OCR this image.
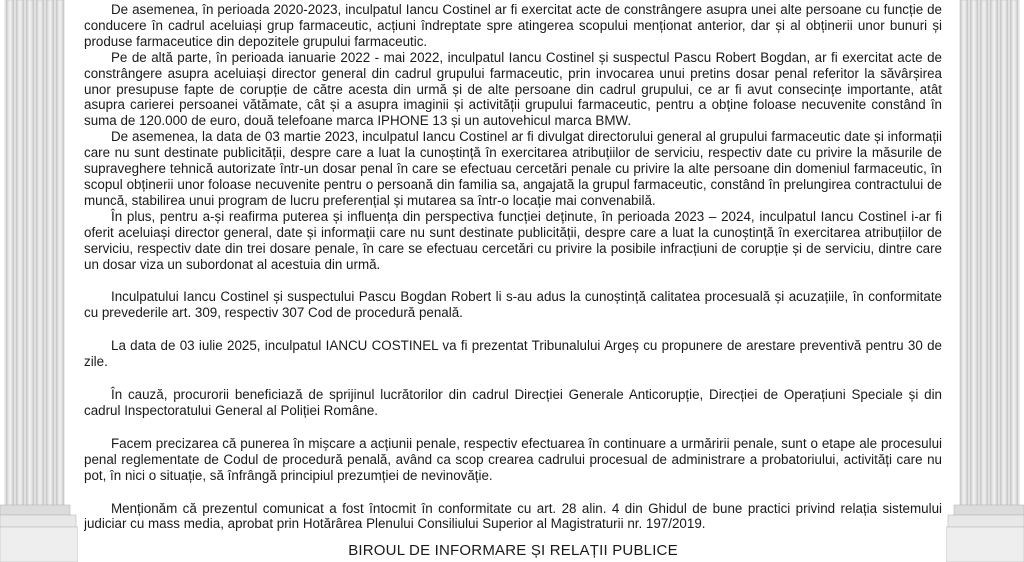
De asemenea, în perioada 2020-2023, inculpatul Iancu Costinel ar fi exercitat acte de constrângere asupra unei alte persoane cu funcție de conducere în cadrul aceluiași grup farmaceutic, acțiuni îndreptate spre atingerea scopului menționat anterior, dar și al obținerii unor bunuri și produse farmaceutice din depozitele grupului farmaceutic.

Pe de altă parte, în perioada ianuarie 2022 - mai 2022, inculpatul Iancu Costinel și suspectul Pascu Robert Bogdan, ar fi exercitat acte de constrângere asupra aceluiași director general din cadrul grupului farmaceutic, prin invocarea unui pretins dosar penal referitor la săvârșirea unor presupuse fapte de corupție de către acesta din urmă și de alte persoane din cadrul grupului, ce ar fi avut consecințe importante, atât asupra carierei persoanei vătămate, cât și a asupra imaginii și activității grupului farmaceutic, pentru a obține foloase necuvenite constând în suma de 120.000 de euro, două telefoane marca IPHONE 13 și un autovehicul marca BMW.

De asemenea, la data de 03 martie 2023, inculpatul Iancu Costinel ar fi divulgat directorului general al grupului farmaceutic date și informații care nu sunt destinate publicității, despre care a luat la cunoștință în exercitarea atribuțiilor de serviciu, respectiv date cu privire la măsurile de supraveghere tehnică autorizate într-un dosar penal în care se efectuau cercetări penale cu privire la alte persoane din domeniul farmaceutic, în scopul obținerii unor foloase necuvenite pentru o persoană din familia sa, angajată la grupul farmaceutic, constând în prelungirea contractului de muncă, stabilirea unui program de lucru preferențial și mutarea sa într-o locație mai convenabilă.

În plus, pentru a-și reafirma puterea și influența din perspectiva funcției deținute, în perioada 2023 – 2024, inculpatul Iancu Costinel i-ar fi oferit aceluiași director general, date și informații care nu sunt destinate publicității, despre care a luat la cunoștință în exercitarea atribuțiilor de serviciu, respectiv date din trei dosare penale, în care se efectuau cercetări cu privire la posibile infracțiuni de corupție și de serviciu, dintre care un dosar viza un subordonat al acestuia din urmă.

Inculpatului Iancu Costinel și suspectului Pascu Bogdan Robert li s-au adus la cunoștință calitatea procesuală și acuzațiile, în conformitate cu prevederile art. 309, respectiv 307 Cod de procedură penală.

La data de 03 iulie 2025, inculpatul IANCU COSTINEL va fi prezentat Tribunalului Argeș cu propunere de arestare preventivă pentru 30 de zile.

În cauză, procurorii beneficiază de sprijinul lucrătorilor din cadrul Direcției Generale Anticorupție, Direcției de Operațiuni Speciale și din cadrul Inspectoratului General al Poliției Române.

Facem precizarea că punerea în mișcare a acțiunii penale, respectiv efectuarea în continuare a urmăririi penale, sunt o etape ale procesului penal reglementate de Codul de procedură penală, având ca scop crearea cadrului procesual de administrare a probatoriului, activități care nu pot, în nici o situație, să înfrângă principiul prezumției de nevinovăție.

Menționăm că prezentul comunicat a fost întocmit în conformitate cu art. 28 alin. 4 din Ghidul de bune practici privind relația sistemului judiciar cu mass media, aprobat prin Hotărârea Plenului Consiliului Superior al Magistraturii nr. 197/2019.

BIROUL DE INFORMARE ȘI RELAȚII PUBLICE
